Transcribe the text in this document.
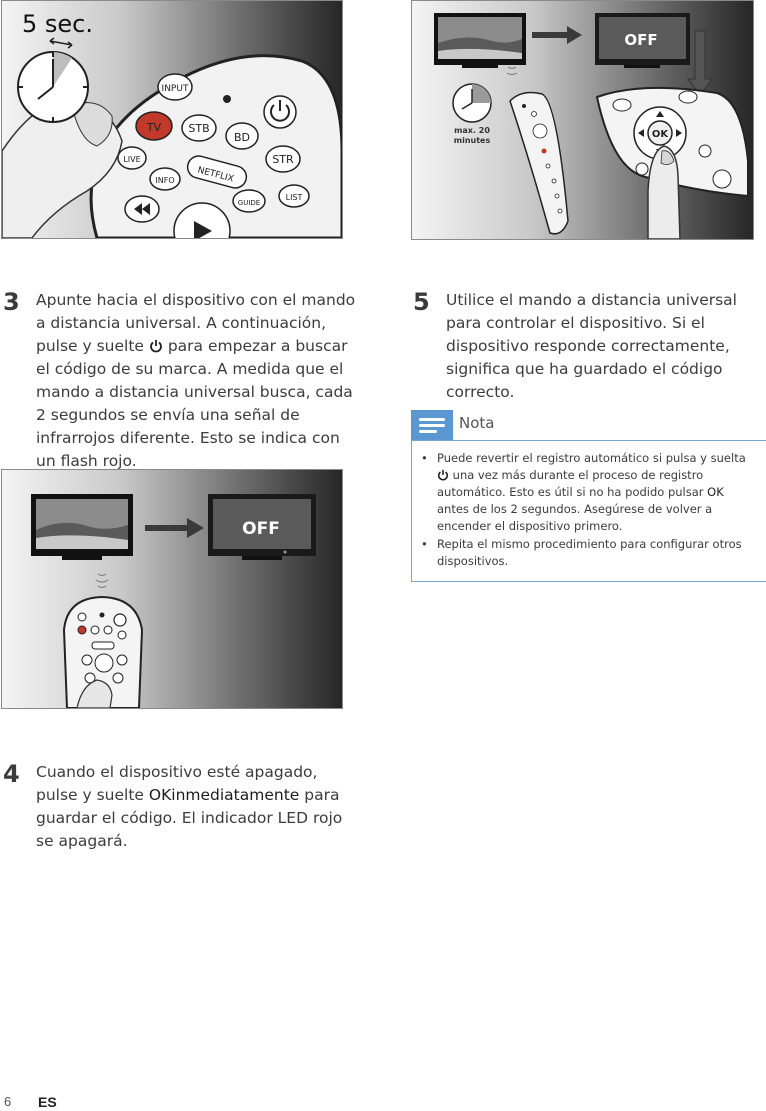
INPUT
TV STB
BD
STR
LIVE
INFO NETFLIX
GUIDE
LIST
5 sec.
OFF
OFF
max. 20
minutes
OK
3 Apunte hacia el dispositivo con el mando a distancia universal. A continuación, pulse y suelte para empezar a buscar el código de su marca. A medida que el mando a distancia universal busca, cada 2 segundos se envía una señal de infrarrojos diferente. Esto se indica con un flash rojo.
4 Cuando el dispositivo esté apagado, pulse y suelte OKinmediatamente para guardar el código. El indicador LED rojo se apagará.
5 Utilice el mando a distancia universal para controlar el dispositivo. Si el dispositivo responde correctamente, significa que ha guardado el código correcto.
Nota
• Puede revertir el registro automático si pulsa y suelta  una vez más durante el proceso de registro automático. Esto es útil si no ha podido pulsar OK antes de los 2 segundos. Asegúrese de volver a encender el dispositivo primero.
• Repita el mismo procedimiento para configurar otros dispositivos.
6 ES
